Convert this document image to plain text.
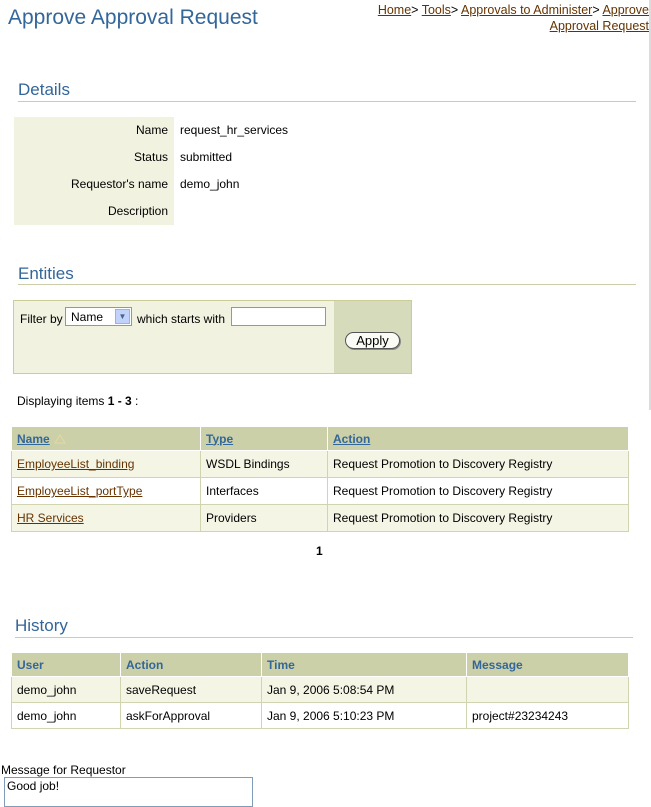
Approve Approval Request	Home> Tools> Approvals to Administer> Approve Approval Request
Details
Name request_hr_services
Status submitted
Requestor's name demo_john
Description
Entities
Filter by Name	▼ which starts with
Apply
Displaying items 1 - 3 :
Name	Type	Action
EmployeeList_binding	WSDL Bindings	Request Promotion to Discovery Registry
EmployeeList_portType	Interfaces	Request Promotion to Discovery Registry
HR Services	Providers	Request Promotion to Discovery Registry
1
History
User	Action	Time	Message
demo_john	saveRequest	Jan 9, 2006 5:08:54 PM	
demo_john	askForApproval	Jan 9, 2006 5:10:23 PM	project#23234243
Message for Requestor
Good job!
